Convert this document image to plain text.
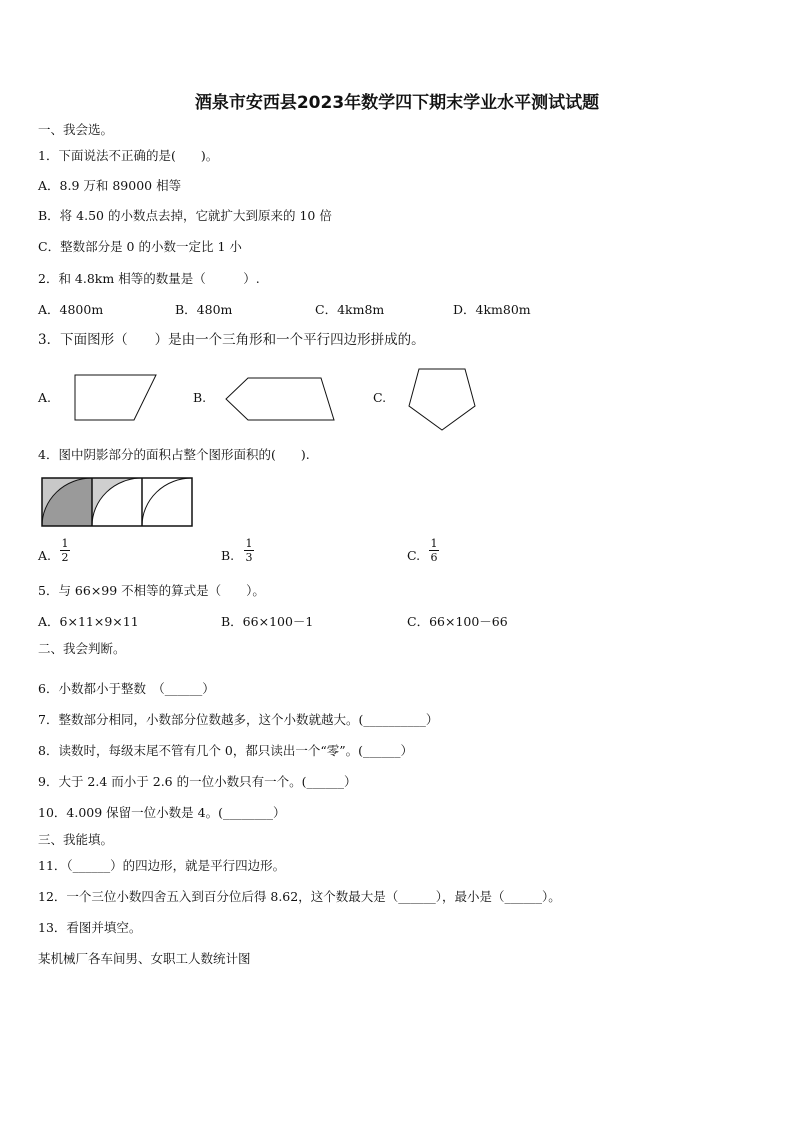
酒泉市安西县2023年数学四下期末学业水平测试试题
一、我会选。
1．下面说法不正确的是(　　)。
A．8.9 万和 89000 相等
B．将 4.50 的小数点去掉，它就扩大到原来的 10 倍
C．整数部分是 0 的小数一定比 1 小
2．和 4.8km 相等的数量是（　　　）.
A．4800m	B．480m	C．4km8m	D．4km80m
3．下面图形（　　）是由一个三角形和一个平行四边形拼成的。
A.	B.	C.
4．图中阴影部分的面积占整个图形面积的(　　).
A.
1
2	B.
1
3	C.
1
6
5．与 66×99 不相等的算式是（　　）。
A．6×11×9×11	B．66×100－1	C．66×100－66
二、我会判断。
6．小数都小于整数　（______）
7．整数部分相同，小数部分位数越多，这个小数就越大。(__________）
8．读数时，每级末尾不管有几个 0，都只读出一个“零”。(______）
9．大于 2.4 而小于 2.6 的一位小数只有一个。(______）
10．4.009 保留一位小数是 4。(________）
三、我能填。
11．（______）的四边形，就是平行四边形。
12．一个三位小数四舍五入到百分位后得 8.62，这个数最大是（______），最小是（______）。
13．看图并填空。
某机械厂各车间男、女职工人数统计图
